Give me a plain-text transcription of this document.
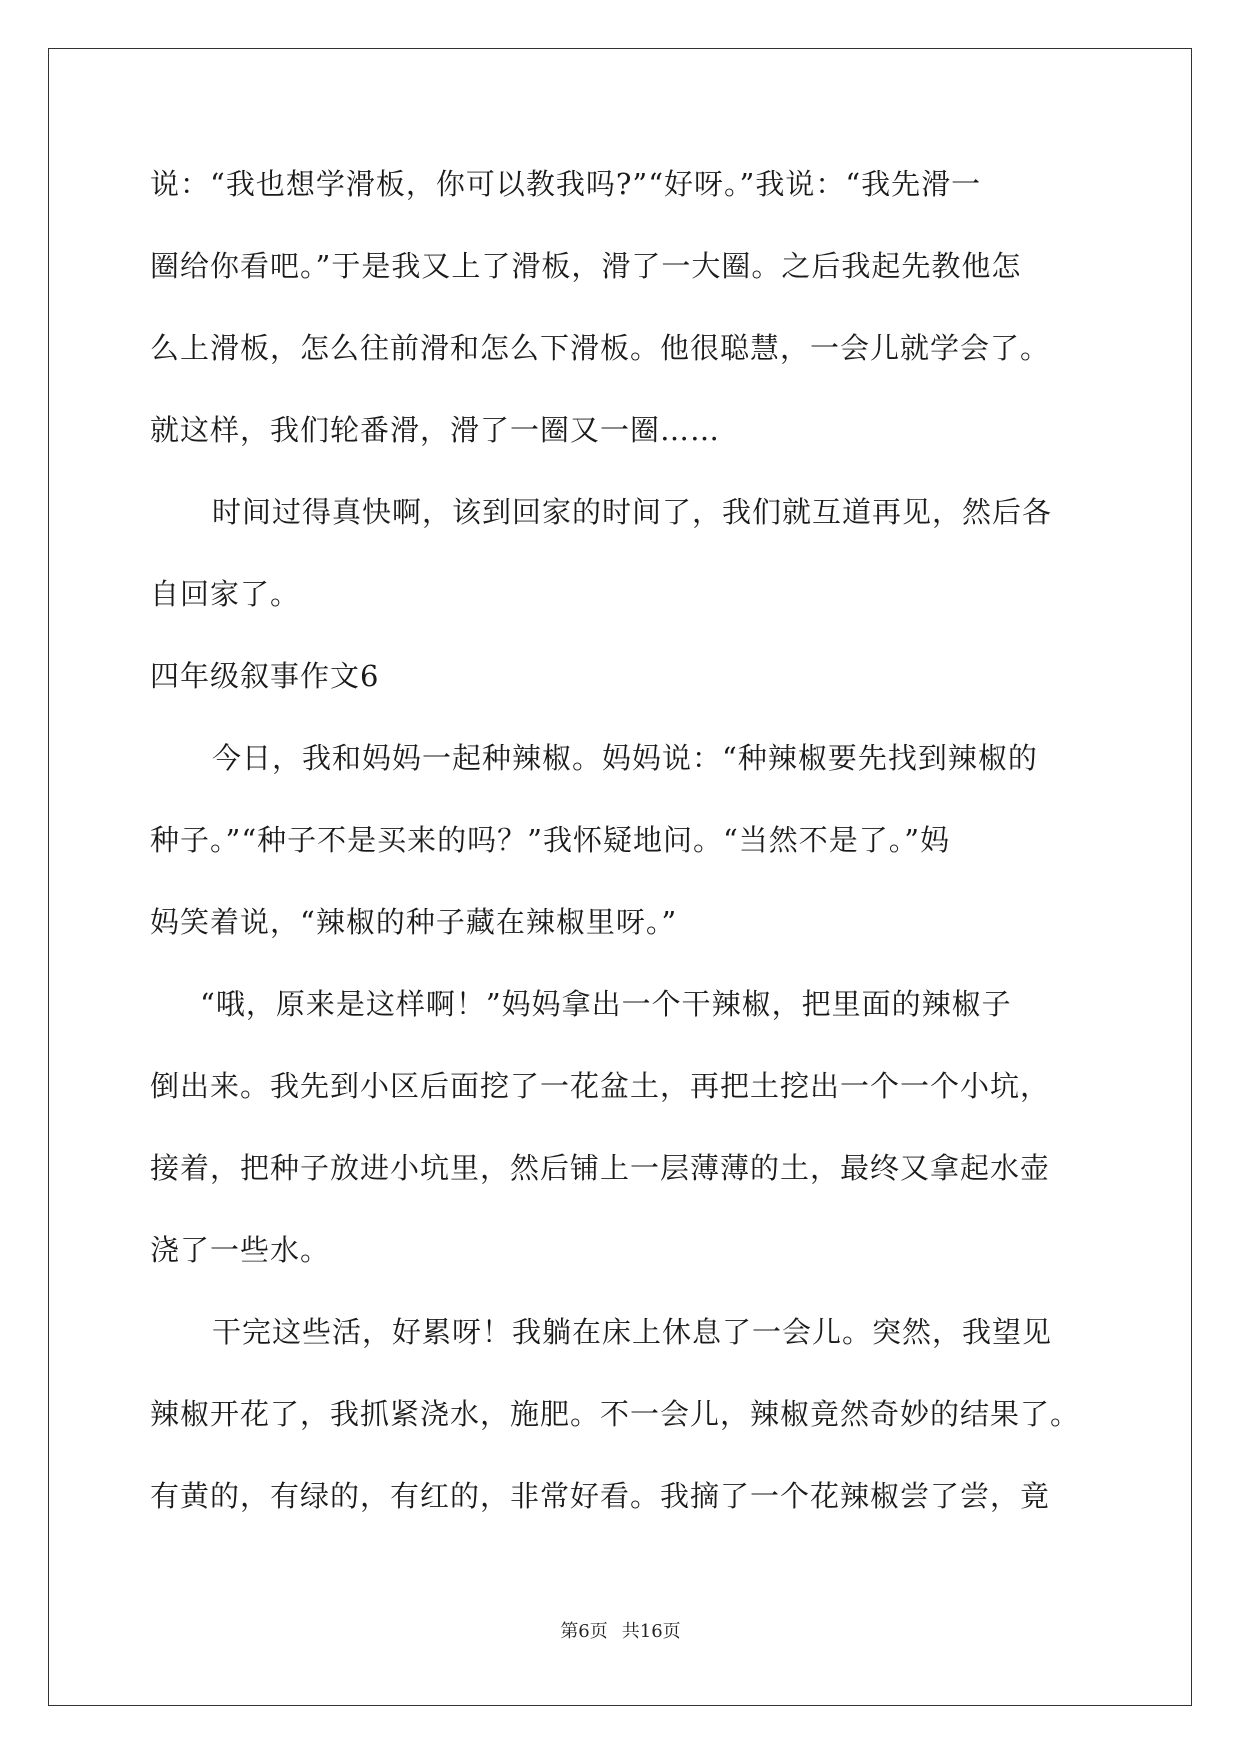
说：“我也想学滑板，你可以教我吗?”“好呀。”我说：“我先滑一
圈给你看吧。”于是我又上了滑板，滑了一大圈。之后我起先教他怎
么上滑板，怎么往前滑和怎么下滑板。他很聪慧，一会儿就学会了。
就这样，我们轮番滑，滑了一圈又一圈……
时间过得真快啊，该到回家的时间了，我们就互道再见，然后各
自回家了。
四年级叙事作文6
今日，我和妈妈一起种辣椒。妈妈说：“种辣椒要先找到辣椒的
种子。”“种子不是买来的吗？”我怀疑地问。“当然不是了。”妈
妈笑着说，“辣椒的种子藏在辣椒里呀。”
“哦，原来是这样啊！”妈妈拿出一个干辣椒，把里面的辣椒子
倒出来。我先到小区后面挖了一花盆土，再把土挖出一个一个小坑，
接着，把种子放进小坑里，然后铺上一层薄薄的土，最终又拿起水壶
浇了一些水。
干完这些活，好累呀！我躺在床上休息了一会儿。突然，我望见
辣椒开花了，我抓紧浇水，施肥。不一会儿，辣椒竟然奇妙的结果了。
有黄的，有绿的，有红的，非常好看。我摘了一个花辣椒尝了尝，竟
第6页 共16页
